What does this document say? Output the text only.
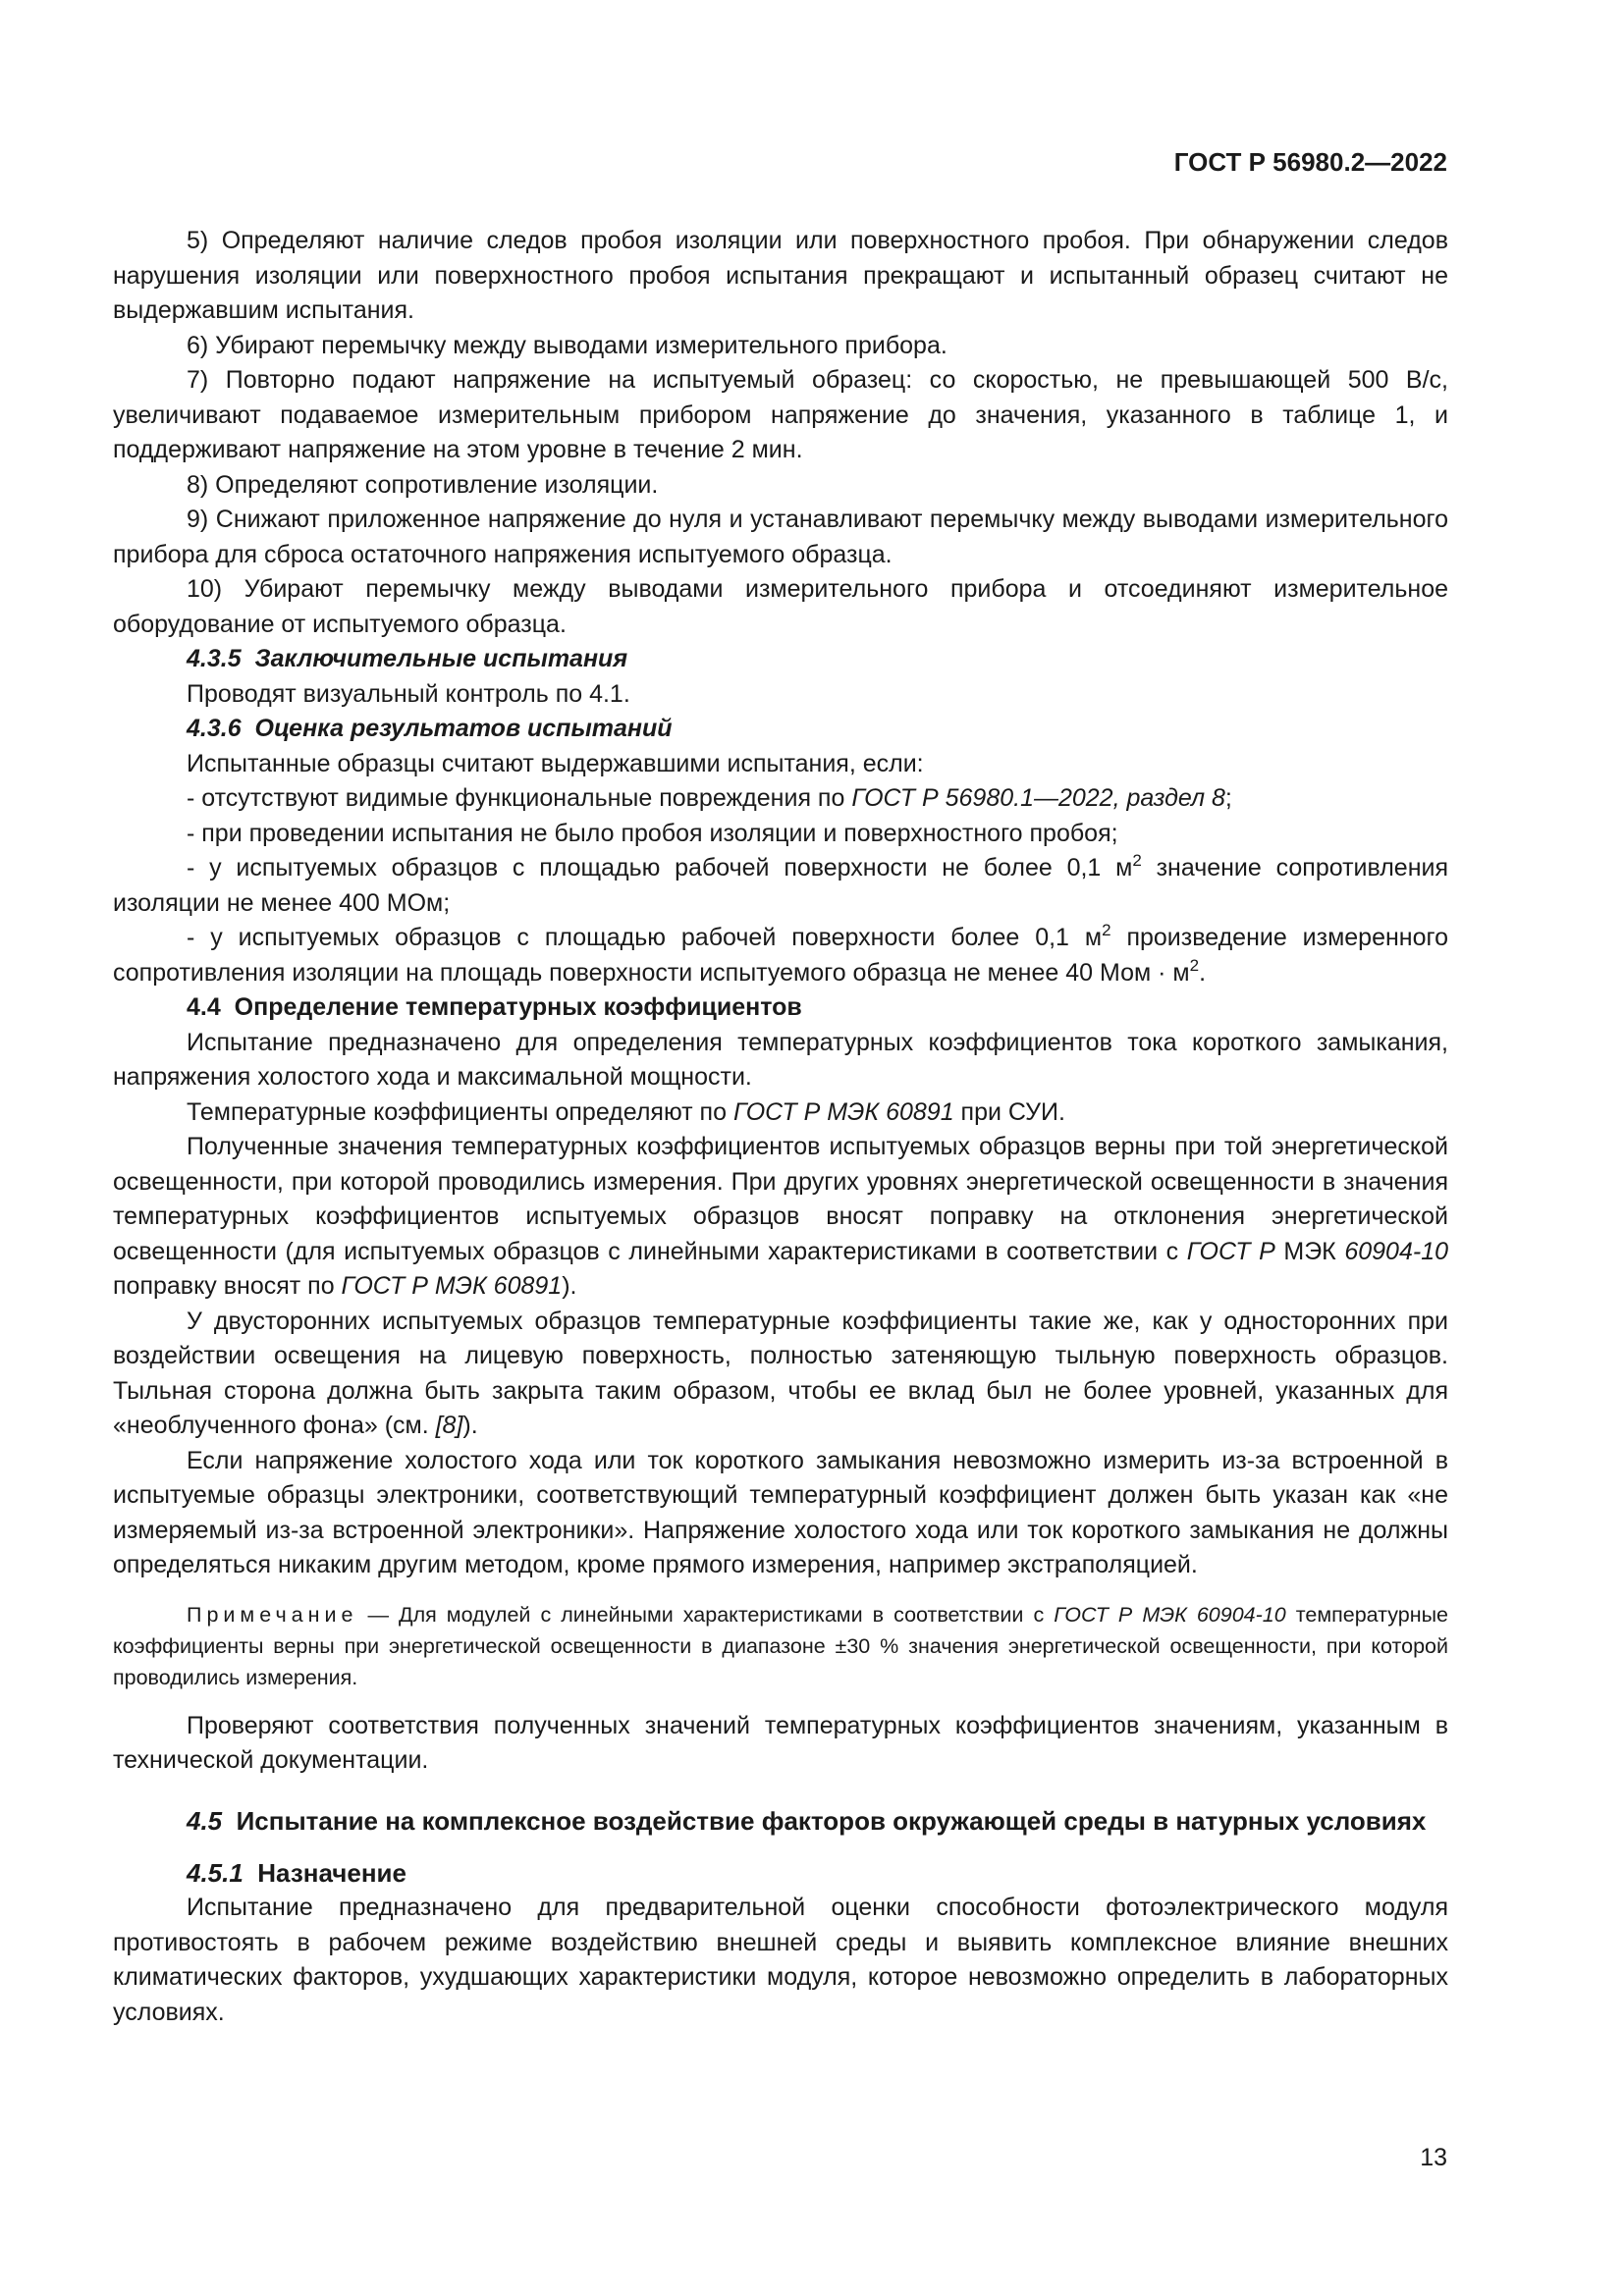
ГОСТ Р 56980.2—2022

5) Определяют наличие следов пробоя изоляции или поверхностного пробоя. При обнаружении следов нарушения изоляции или поверхностного пробоя испытания прекращают и испытанный образец считают не выдержавшим испытания.

6) Убирают перемычку между выводами измерительного прибора.

7) Повторно подают напряжение на испытуемый образец: со скоростью, не превышающей 500 В/с, увеличивают подаваемое измерительным прибором напряжение до значения, указанного в таблице 1, и поддерживают напряжение на этом уровне в течение 2 мин.

8) Определяют сопротивление изоляции.

9) Снижают приложенное напряжение до нуля и устанавливают перемычку между выводами измерительного прибора для сброса остаточного напряжения испытуемого образца.

10) Убирают перемычку между выводами измерительного прибора и отсоединяют измерительное оборудование от испытуемого образца.

4.3.5 Заключительные испытания

Проводят визуальный контроль по 4.1.

4.3.6 Оценка результатов испытаний

Испытанные образцы считают выдержавшими испытания, если:

- отсутствуют видимые функциональные повреждения по ГОСТ Р 56980.1—2022, раздел 8;

- при проведении испытания не было пробоя изоляции и поверхностного пробоя;

- у испытуемых образцов с площадью рабочей поверхности не более 0,1 $м^2$ значение сопротивления изоляции не менее 400 МОм;

- у испытуемых образцов с площадью рабочей поверхности более 0,1 $м^2$ произведение измеренного сопротивления изоляции на площадь поверхности испытуемого образца не менее 40 Мом · $м^2$.

4.4 Определение температурных коэффициентов

Испытание предназначено для определения температурных коэффициентов тока короткого замыкания, напряжения холостого хода и максимальной мощности.

Температурные коэффициенты определяют по ГОСТ Р МЭК 60891 при СУИ.

Полученные значения температурных коэффициентов испытуемых образцов верны при той энергетической освещенности, при которой проводились измерения. При других уровнях энергетической освещенности в значения температурных коэффициентов испытуемых образцов вносят поправку на отклонения энергетической освещенности (для испытуемых образцов с линейными характеристиками в соответствии с ГОСТ Р МЭК 60904-10 поправку вносят по ГОСТ Р МЭК 60891).

У двусторонних испытуемых образцов температурные коэффициенты такие же, как у односторонних при воздействии освещения на лицевую поверхность, полностью затеняющую тыльную поверхность образцов. Тыльная сторона должна быть закрыта таким образом, чтобы ее вклад был не более уровней, указанных для «необлученного фона» (см. [8]).

Если напряжение холостого хода или ток короткого замыкания невозможно измерить из-за встроенной в испытуемые образцы электроники, соответствующий температурный коэффициент должен быть указан как «не измеряемый из-за встроенной электроники». Напряжение холостого хода или ток короткого замыкания не должны определяться никаким другим методом, кроме прямого измерения, например экстраполяцией.

Примечание — Для модулей с линейными характеристиками в соответствии с ГОСТ Р МЭК 60904-10 температурные коэффициенты верны при энергетической освещенности в диапазоне ±30 % значения энергетической освещенности, при которой проводились измерения.

Проверяют соответствия полученных значений температурных коэффициентов значениям, указанным в технической документации.

4.5 Испытание на комплексное воздействие факторов окружающей среды в натурных условиях

4.5.1 Назначение

Испытание предназначено для предварительной оценки способности фотоэлектрического модуля противостоять в рабочем режиме воздействию внешней среды и выявить комплексное влияние внешних климатических факторов, ухудшающих характеристики модуля, которое невозможно определить в лабораторных условиях.

13
